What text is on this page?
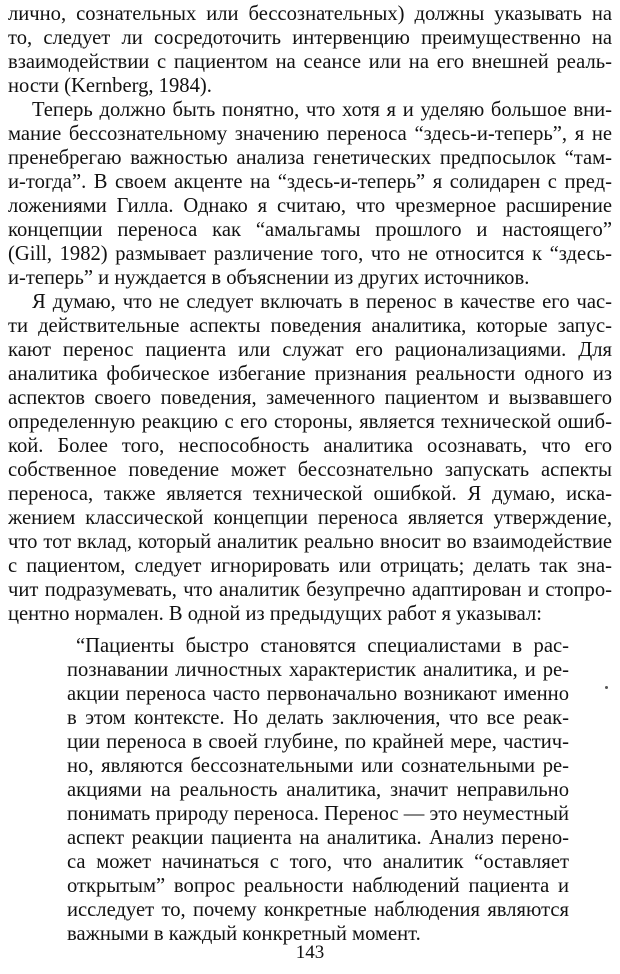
лично, сознательных или бессознательных) должны указывать на
то, следует ли сосредоточить интервенцию преимущественно на
взаимодействии с пациентом на сеансе или на его внешней реаль-
ности (Kernberg, 1984).
Теперь должно быть понятно, что хотя я и уделяю большое вни-
мание бессознательному значению переноса “здесь-и-теперь”, я не
пренебрегаю важностью анализа генетических предпосылок “там-
и-тогда”. В своем акценте на “здесь-и-теперь” я солидарен с пред-
ложениями Гилла. Однако я считаю, что чрезмерное расширение
концепции переноса как “амальгамы прошлого и настоящего”
(Gill, 1982) размывает различение того, что не относится к “здесь-
и-теперь” и нуждается в объяснении из других источников.
Я думаю, что не следует включать в перенос в качестве его час-
ти действительные аспекты поведения аналитика, которые запус-
кают перенос пациента или служат его рационализациями. Для
аналитика фобическое избегание признания реальности одного из
аспектов своего поведения, замеченного пациентом и вызвавшего
определенную реакцию с его стороны, является технической ошиб-
кой. Более того, неспособность аналитика осознавать, что его
собственное поведение может бессознательно запускать аспекты
переноса, также является технической ошибкой. Я думаю, иска-
жением классической концепции переноса является утверждение,
что тот вклад, который аналитик реально вносит во взаимодействие
с пациентом, следует игнорировать или отрицать; делать так зна-
чит подразумевать, что аналитик безупречно адаптирован и стопро-
центно нормален. В одной из предыдущих работ я указывал:
“Пациенты быстро становятся специалистами в рас-
познавании личностных характеристик аналитика, и ре-
акции переноса часто первоначально возникают именно
в этом контексте. Но делать заключения, что все реак-
ции переноса в своей глубине, по крайней мере, частич-
но, являются бессознательными или сознательными ре-
акциями на реальность аналитика, значит неправильно
понимать природу переноса. Перенос — это неуместный
аспект реакции пациента на аналитика. Анализ перено-
са может начинаться с того, что аналитик “оставляет
открытым” вопрос реальности наблюдений пациента и
исследует то, почему конкретные наблюдения являются
важными в каждый конкретный момент.
143
